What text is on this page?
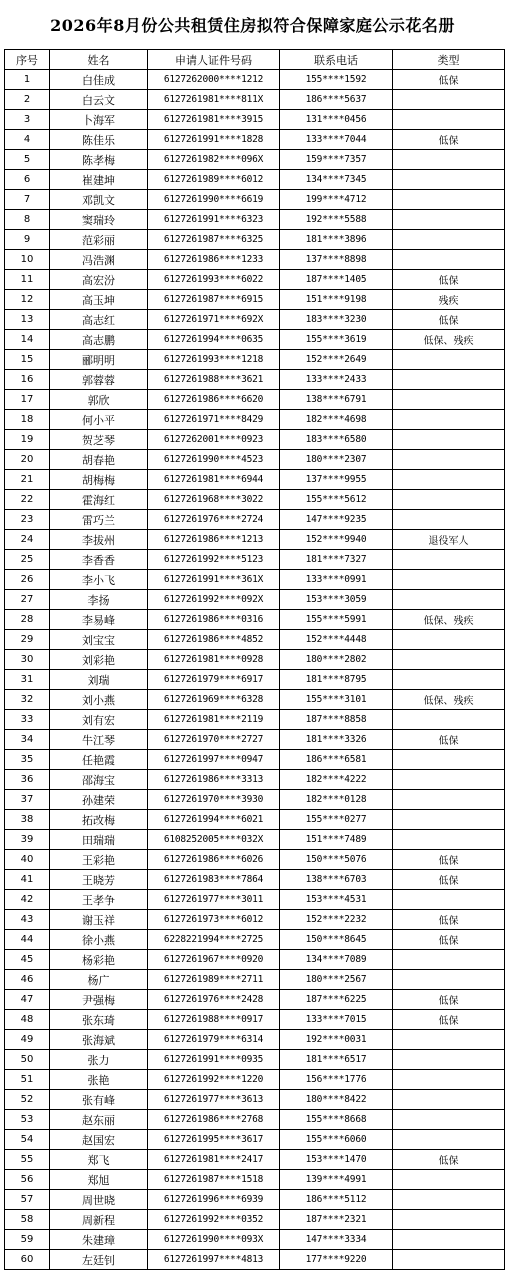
2026年8月份公共租赁住房拟符合保障家庭公示花名册
序号	姓名	申请人证件号码	联系电话	类型
1	白佳成	6127262000****1212	155****1592	低保
2	白云文	6127261981****811X	186****5637	
3	卜海军	6127261981****3915	131****0456	
4	陈佳乐	6127261991****1828	133****7044	低保
5	陈孝梅	6127261982****096X	159****7357	
6	崔建坤	6127261989****6012	134****7345	
7	邓凯文	6127261990****6619	199****4712	
8	窦瑞玲	6127261991****6323	192****5588	
9	范彩丽	6127261987****6325	181****3896	
10	冯浩渊	6127261986****1233	137****8898	
11	高宏汾	6127261993****6022	187****1405	低保
12	高玉坤	6127261987****6915	151****9198	残疾
13	高志红	6127261971****692X	183****3230	低保
14	高志鹏	6127261994****0635	155****3619	低保、残疾
15	郦明明	6127261993****1218	152****2649	
16	郭蓉蓉	6127261988****3621	133****2433	
17	郭欣	6127261986****6620	138****6791	
18	何小平	6127261971****8429	182****4698	
19	贺芝琴	6127262001****0923	183****6580	
20	胡春艳	6127261990****4523	180****2307	
21	胡梅梅	6127261981****6944	137****9955	
22	霍海红	6127261968****3022	155****5612	
23	雷巧兰	6127261976****2724	147****9235	
24	李拔州	6127261986****1213	152****9940	退役军人
25	李香香	6127261992****5123	181****7327	
26	李小飞	6127261991****361X	133****0991	
27	李扬	6127261992****092X	153****3059	
28	李易峰	6127261986****0316	155****5991	低保、残疾
29	刘宝宝	6127261986****4852	152****4448	
30	刘彩艳	6127261981****0928	180****2802	
31	刘瑞	6127261979****6917	181****8795	
32	刘小燕	6127261969****6328	155****3101	低保、残疾
33	刘有宏	6127261981****2119	187****8858	
34	牛江琴	6127261970****2727	181****3326	低保
35	任艳霞	6127261997****0947	186****6581	
36	邵海宝	6127261986****3313	182****4222	
37	孙建荣	6127261970****3930	182****0128	
38	拓改梅	6127261994****6021	155****0277	
39	田瑞瑞	6108252005****032X	151****7489	
40	王彩艳	6127261986****6026	150****5076	低保
41	王晓芳	6127261983****7864	138****6703	低保
42	王孝争	6127261977****3011	153****4531	
43	谢玉祥	6127261973****6012	152****2232	低保
44	徐小燕	6228221994****2725	150****8645	低保
45	杨彩艳	6127261967****0920	134****7089	
46	杨广	6127261989****2711	180****2567	
47	尹强梅	6127261976****2428	187****6225	低保
48	张东琦	6127261988****0917	133****7015	低保
49	张海斌	6127261979****6314	192****0031	
50	张力	6127261991****0935	181****6517	
51	张艳	6127261992****1220	156****1776	
52	张有峰	6127261977****3613	180****8422	
53	赵东丽	6127261986****2768	155****8668	
54	赵国宏	6127261995****3617	155****6060	
55	郑飞	6127261981****2417	153****1470	低保
56	郑旭	6127261987****1518	139****4991	
57	周世晓	6127261996****6939	186****5112	
58	周新程	6127261992****0352	187****2321	
59	朱建璋	6127261990****093X	147****3334	
60	左廷钊	6127261997****4813	177****9220	
